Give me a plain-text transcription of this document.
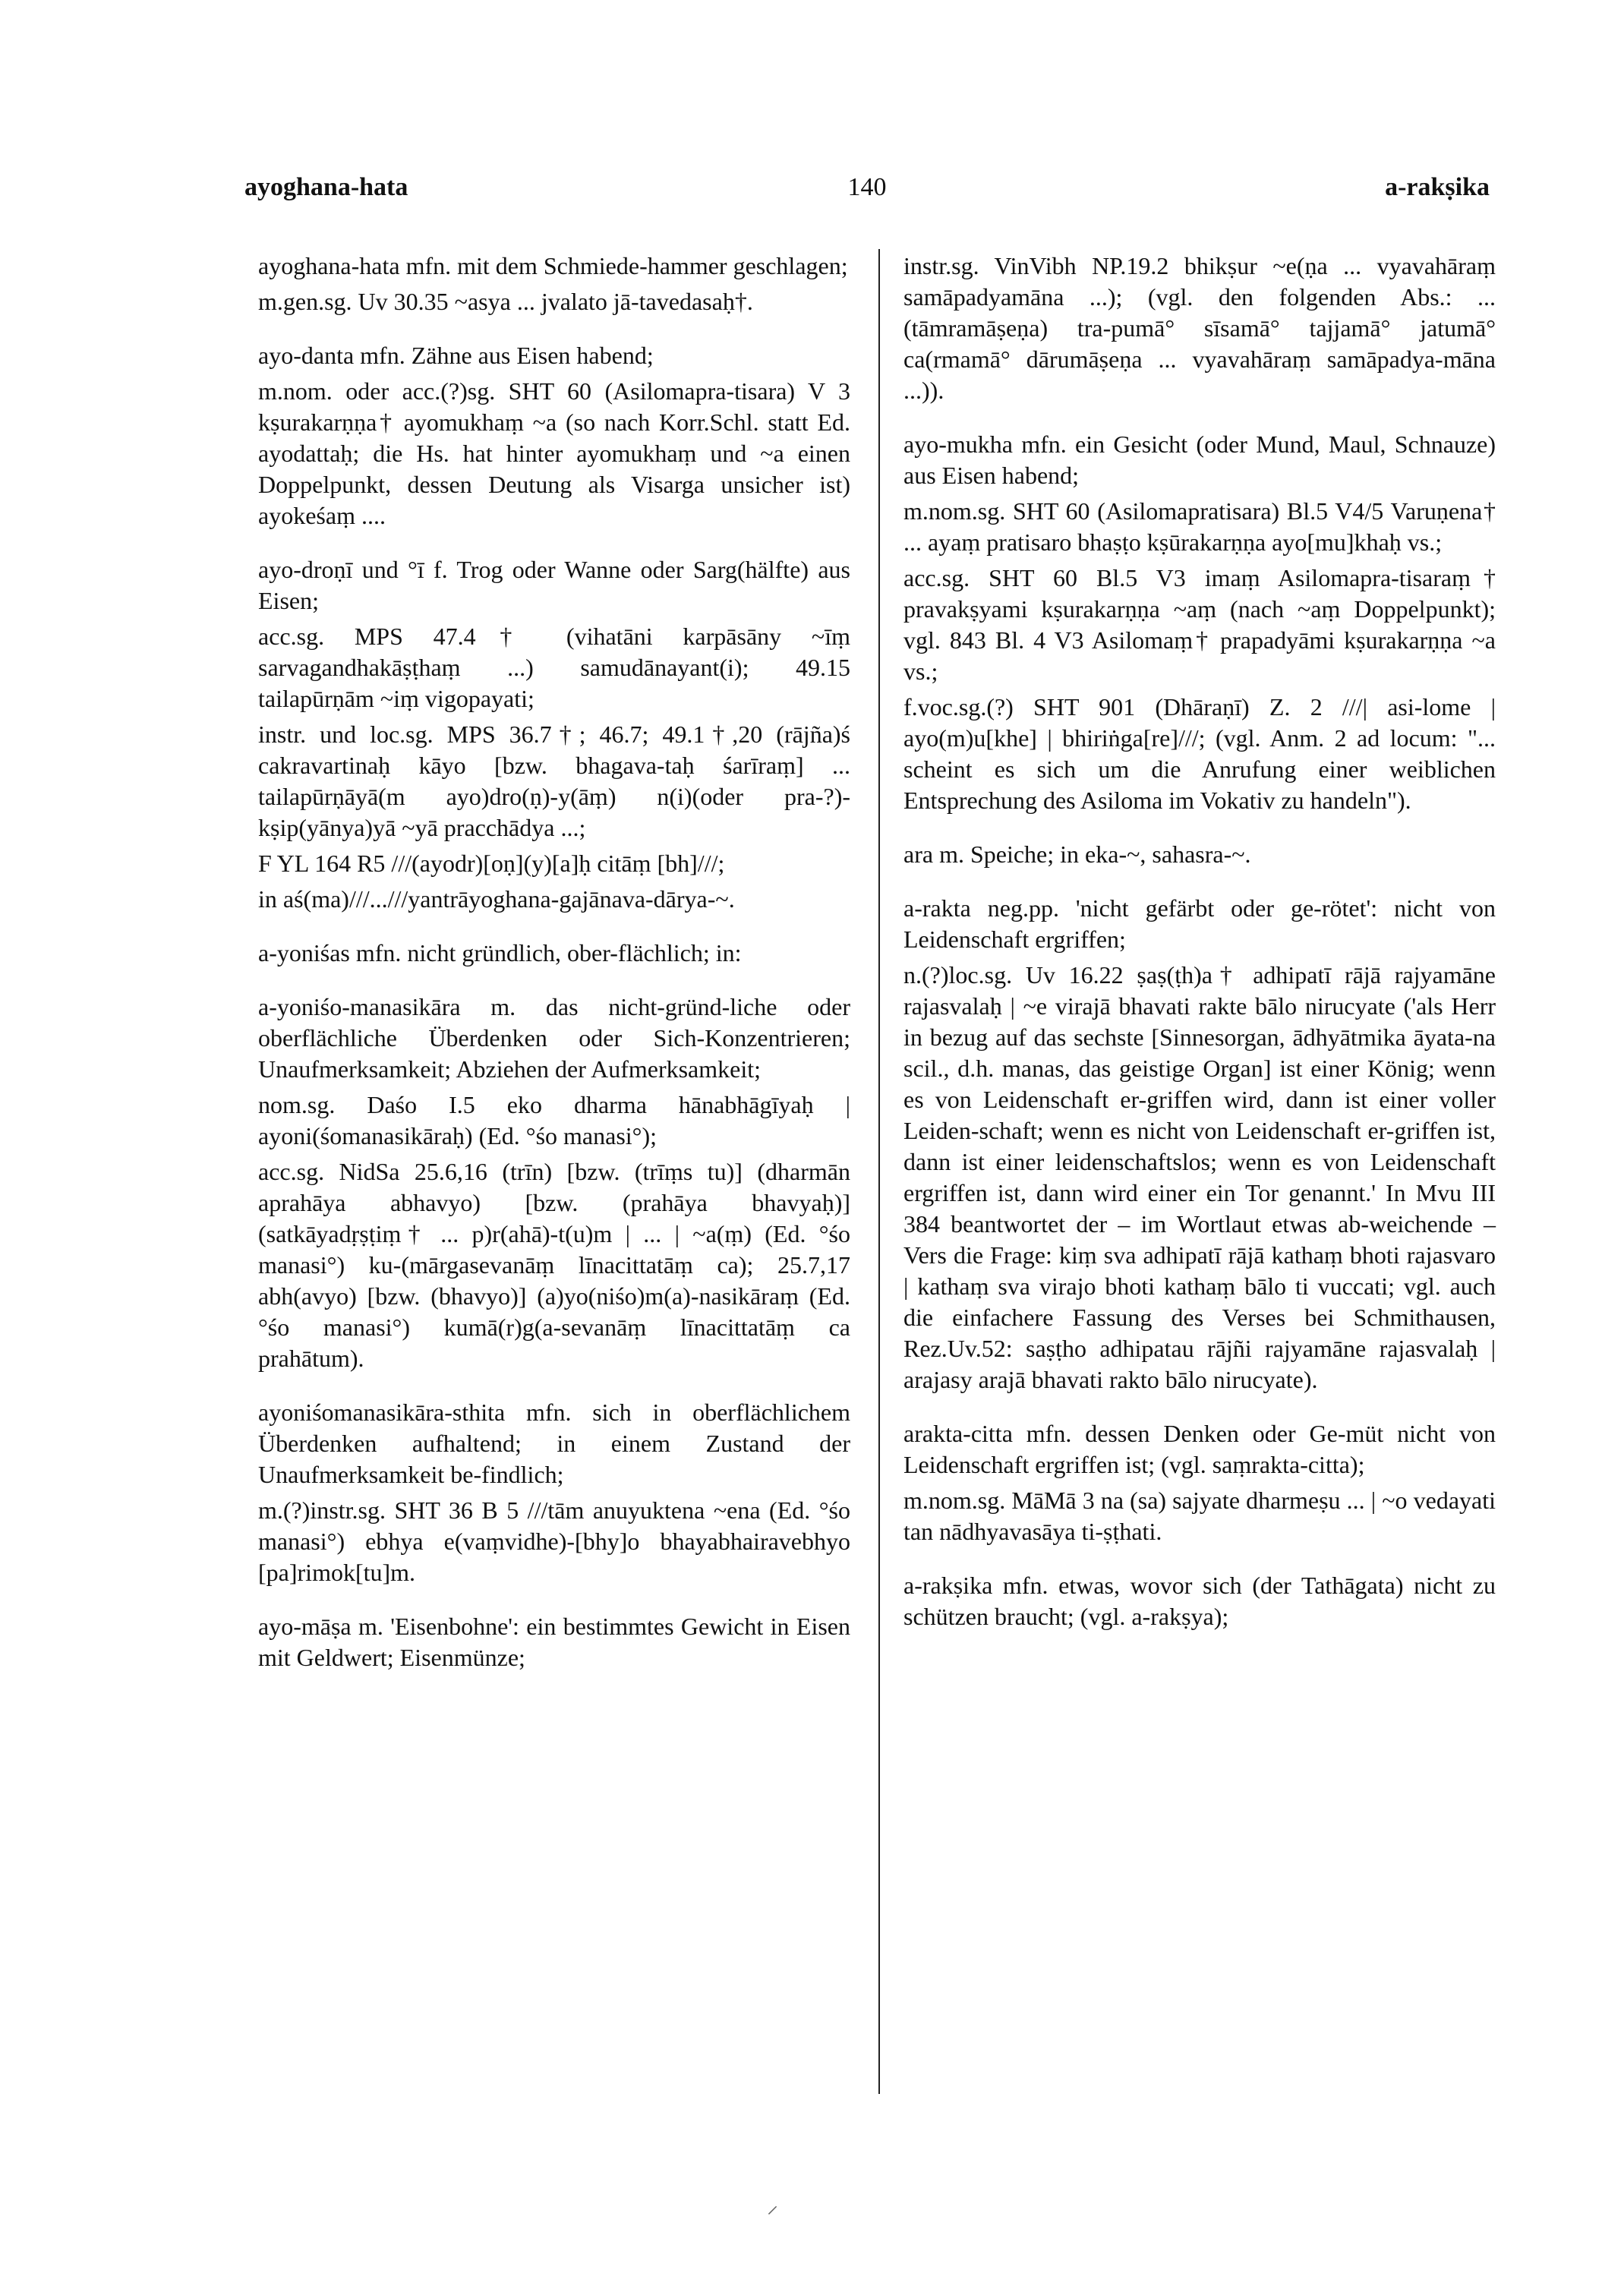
ayoghana-hata	140	a-rakṣika

ayoghana-hata mfn. mit dem Schmiede-hammer geschlagen;

m.gen.sg. Uv 30.35 ~asya ... jvalato jā-tavedasaḥ†.

ayo-danta mfn. Zähne aus Eisen habend;

m.nom. oder acc.(?)sg. SHT 60 (Asilomapra-tisara) V 3 kṣurakarṇṇa† ayomukhaṃ ~a (so nach Korr.Schl. statt Ed. ayodattaḥ; die Hs. hat hinter ayomukhaṃ und ~a einen Doppelpunkt, dessen Deutung als Visarga unsicher ist) ayokeśaṃ ....

ayo-droṇī und °ī f. Trog oder Wanne oder Sarg(hälfte) aus Eisen;

acc.sg. MPS 47.4† (vihatāni karpāsāny ~īṃ sarvagandhakāṣṭhaṃ ...) samudānayant(i); 49.15 tailapūrṇām ~iṃ vigopayati;

instr. und loc.sg. MPS 36.7†; 46.7; 49.1†,20 (rājña)ś cakravartinaḥ kāyo [bzw. bhagava-taḥ śarīraṃ] ... tailapūrṇāyā(m ayo)dro(ṇ)-y(āṃ) n(i)(oder pra-?)-kṣip(yānya)yā ~yā pracchādya ...;

F YL 164 R5 ///(ayodr)[oṇ](y)[a]ḥ citāṃ [bh]///;

in aś(ma)///...///yantrāyoghana-gajānava-dārya-~.

a-yoniśas mfn. nicht gründlich, ober-flächlich; in:

a-yoniśo-manasikāra m. das nicht-gründ-liche oder oberflächliche Überdenken oder Sich-Konzentrieren; Unaufmerksamkeit; Abziehen der Aufmerksamkeit;

nom.sg. Daśo I.5 eko dharma hānabhāgīyaḥ | ayoni(śomanasikāraḥ) (Ed. °śo manasi°);

acc.sg. NidSa 25.6,16 (trīn) [bzw. (trīṃs tu)] (dharmān aprahāya abhavyo) [bzw. (prahāya bhavyaḥ)] (satkāyadṛṣṭiṃ† ... p)r(ahā)-t(u)m | ... | ~a(ṃ) (Ed. °śo manasi°) ku-(mārgasevanāṃ līnacittatāṃ ca); 25.7,17 abh(avyo) [bzw. (bhavyo)] (a)yo(niśo)m(a)-nasikāraṃ (Ed. °śo manasi°) kumā(r)g(a-sevanāṃ līnacittatāṃ ca prahātum).

ayoniśomanasikāra-sthita mfn. sich in oberflächlichem Überdenken aufhaltend; in einem Zustand der Unaufmerksamkeit be-findlich;

m.(?)instr.sg. SHT 36 B 5 ///tām anuyuktena ~ena (Ed. °śo manasi°) ebhya e(vaṃvidhe)-[bhy]o bhayabhairavebhyo [pa]rimok[tu]m.

ayo-māṣa m. 'Eisenbohne': ein bestimmtes Gewicht in Eisen mit Geldwert; Eisenmünze;

instr.sg. VinVibh NP.19.2 bhikṣur ~e(ṇa ... vyavahāraṃ samāpadyamāna ...); (vgl. den folgenden Abs.: ... (tāmramāṣeṇa) tra-pumā° sīsamā° tajjamā° jatumā° ca(rmamā° dārumāṣeṇa ... vyavahāraṃ samāpadya-māna ...)).

ayo-mukha mfn. ein Gesicht (oder Mund, Maul, Schnauze) aus Eisen habend;

m.nom.sg. SHT 60 (Asilomapratisara) Bl.5 V4/5 Varuṇena† ... ayaṃ pratisaro bhaṣṭo kṣūrakarṇṇa ayo[mu]khaḥ vs.;

acc.sg. SHT 60 Bl.5 V3 imaṃ Asilomapra-tisaraṃ† pravakṣyami kṣurakarṇṇa ~aṃ (nach ~aṃ Doppelpunkt); vgl. 843 Bl. 4 V3 Asilomaṃ† prapadyāmi kṣurakarṇṇa ~a vs.;

f.voc.sg.(?) SHT 901 (Dhāraṇī) Z. 2 ///| asi-lome | ayo(m)u[khe] | bhiriṅga[re]///; (vgl. Anm. 2 ad locum: "... scheint es sich um die Anrufung einer weiblichen Entsprechung des Asiloma im Vokativ zu handeln").

ara m. Speiche; in eka-~, sahasra-~.

a-rakta neg.pp. 'nicht gefärbt oder ge-rötet': nicht von Leidenschaft ergriffen;

n.(?)loc.sg. Uv 16.22 ṣaṣ(ṭh)a† adhipatī rājā rajyamāne rajasvalaḥ | ~e virajā bhavati rakte bālo nirucyate ('als Herr in bezug auf das sechste [Sinnesorgan, ādhyātmika āyata-na scil., d.h. manas, das geistige Organ] ist einer König; wenn es von Leidenschaft er-griffen wird, dann ist einer voller Leiden-schaft; wenn es nicht von Leidenschaft er-griffen ist, dann ist einer leidenschaftslos; wenn es von Leidenschaft ergriffen ist, dann wird einer ein Tor genannt.' In Mvu III 384 beantwortet der – im Wortlaut etwas ab-weichende – Vers die Frage: kiṃ sva adhipatī rājā kathaṃ bhoti rajasvaro | kathaṃ sva virajo bhoti kathaṃ bālo ti vuccati; vgl. auch die einfachere Fassung des Verses bei Schmithausen, Rez.Uv.52: saṣṭho adhipatau rājñi rajyamāne rajasvalaḥ | arajasy arajā bhavati rakto bālo nirucyate).

arakta-citta mfn. dessen Denken oder Ge-müt nicht von Leidenschaft ergriffen ist; (vgl. saṃrakta-citta);

m.nom.sg. MāMā 3 na (sa) sajyate dharmeṣu ... | ~o vedayati tan nādhyavasāya ti-ṣṭhati.

a-rakṣika mfn. etwas, wovor sich (der Tathāgata) nicht zu schützen braucht; (vgl. a-rakṣya);

⸍
